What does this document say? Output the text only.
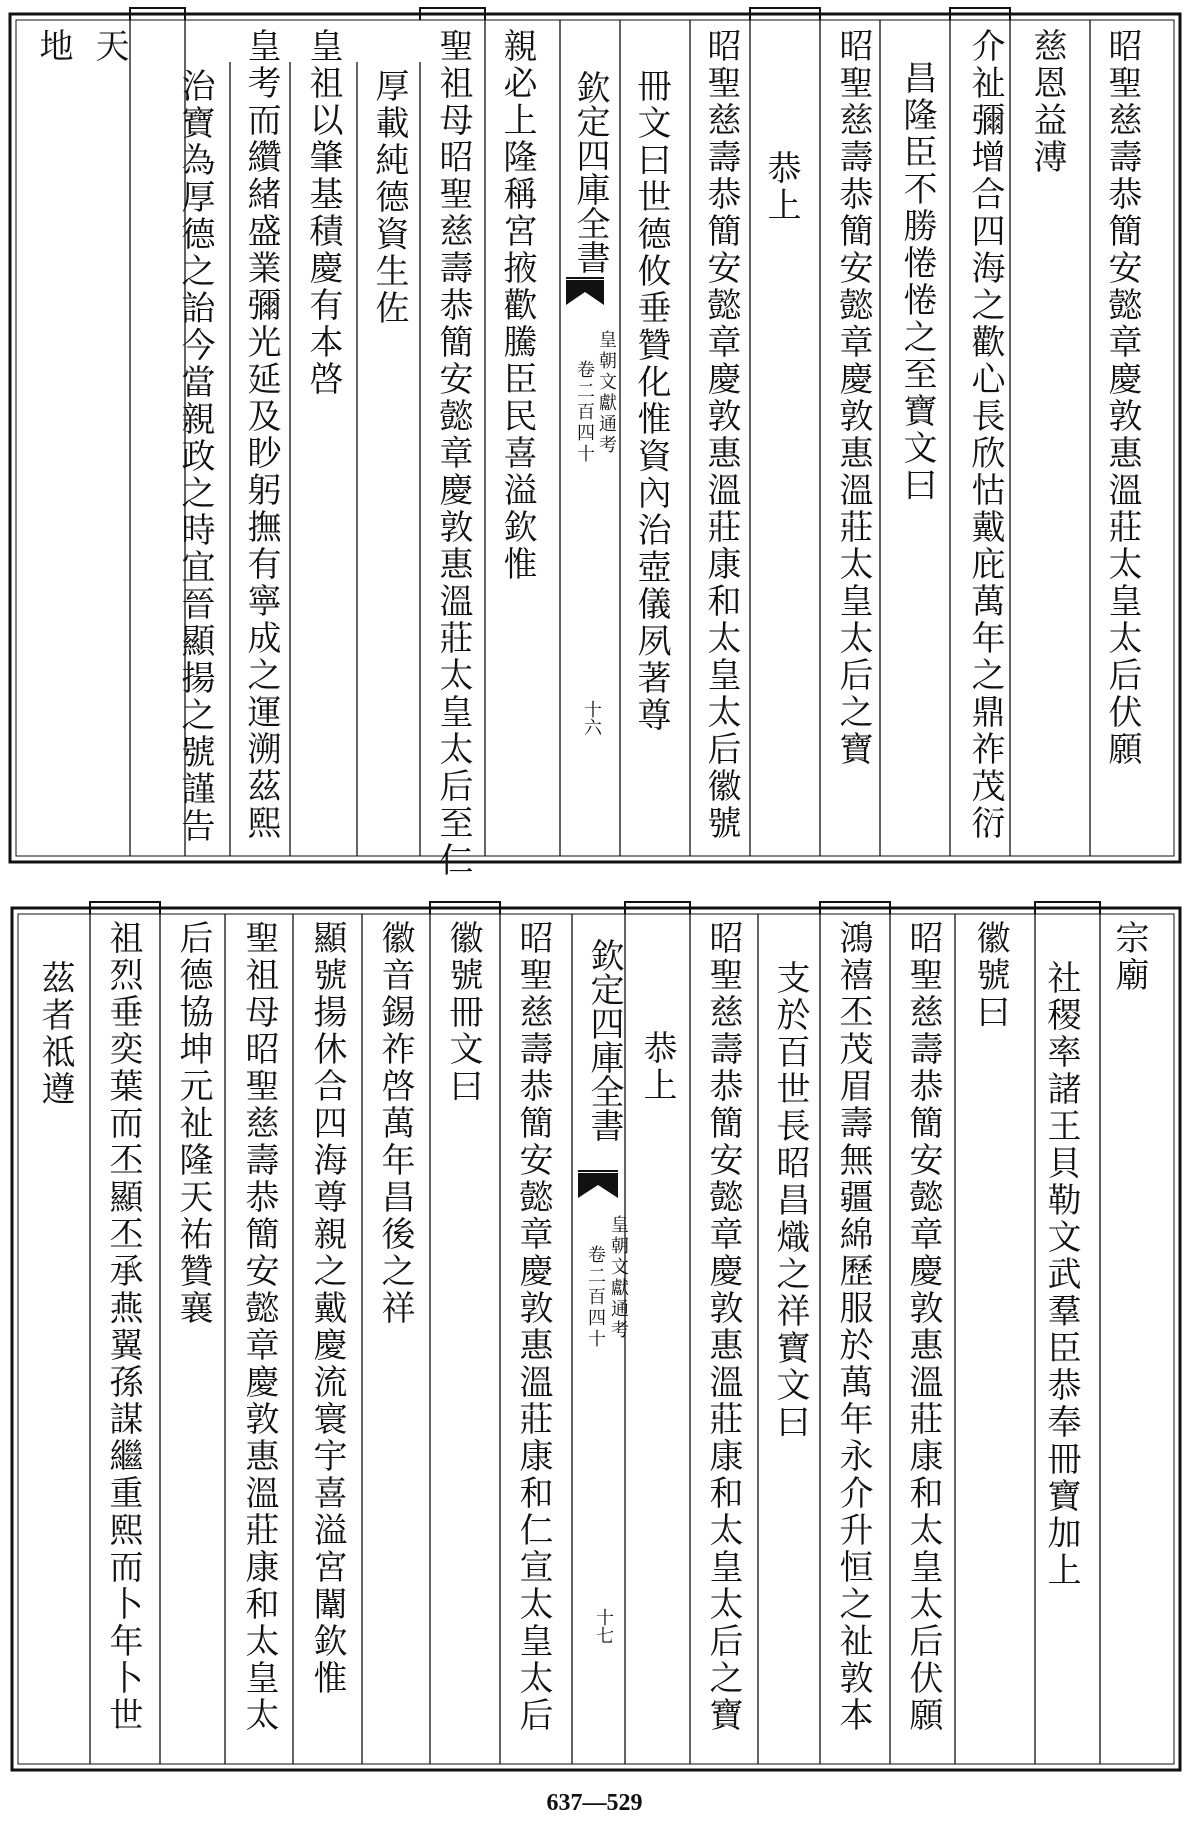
欽定四庫全書
皇朝文獻通考
卷二百四十
十六	昭聖慈壽恭簡安懿章慶敦惠溫莊太皇太后伏願
慈恩益溥
介祉彌增合四海之歡心長欣怙戴庇萬年之鼎祚茂衍
昌隆臣不勝惓惓之至寶文曰
昭聖慈壽恭簡安懿章慶敦惠溫莊太皇太后之寶
恭上
昭聖慈壽恭簡安懿章慶敦惠溫莊康和太皇太后徽號
冊文曰世德攸垂贊化惟資內治壺儀夙著尊
親必上隆稱宮掖歡騰臣民喜溢欽惟
聖祖母昭聖慈壽恭簡安懿章慶敦惠溫莊太皇太后至仁
厚載純德資生佐
皇祖以肇基積慶有本啓
皇考而纘緒盛業彌光延及眇躬撫有寧成之運溯茲熙
治寶為厚德之詒今當親政之時宜晉顯揚之號謹告
天
地
欽定四庫全書
皇朝文獻通考
卷二百四十
十七
宗廟
社稷率諸王貝勒文武羣臣恭奉冊寶加上
徽號曰
昭聖慈壽恭簡安懿章慶敦惠溫莊康和太皇太后伏願
鴻禧丕茂眉壽無疆綿歷服於萬年永介升恒之祉敦本
支於百世長昭昌熾之祥寶文曰
昭聖慈壽恭簡安懿章慶敦惠溫莊康和太皇太后之寶
恭上
昭聖慈壽恭簡安懿章慶敦惠溫莊康和仁宣太皇太后
徽號冊文曰
徽音錫祚啓萬年昌後之祥
顯號揚休合四海尊親之戴慶流寰宇喜溢宮闈欽惟
聖祖母昭聖慈壽恭簡安懿章慶敦惠溫莊康和太皇太
后德協坤元祉隆天祐贊襄
祖烈垂奕葉而丕顯丕承燕翼孫謀繼重熙而卜年卜世
茲者祗遵
637—529
